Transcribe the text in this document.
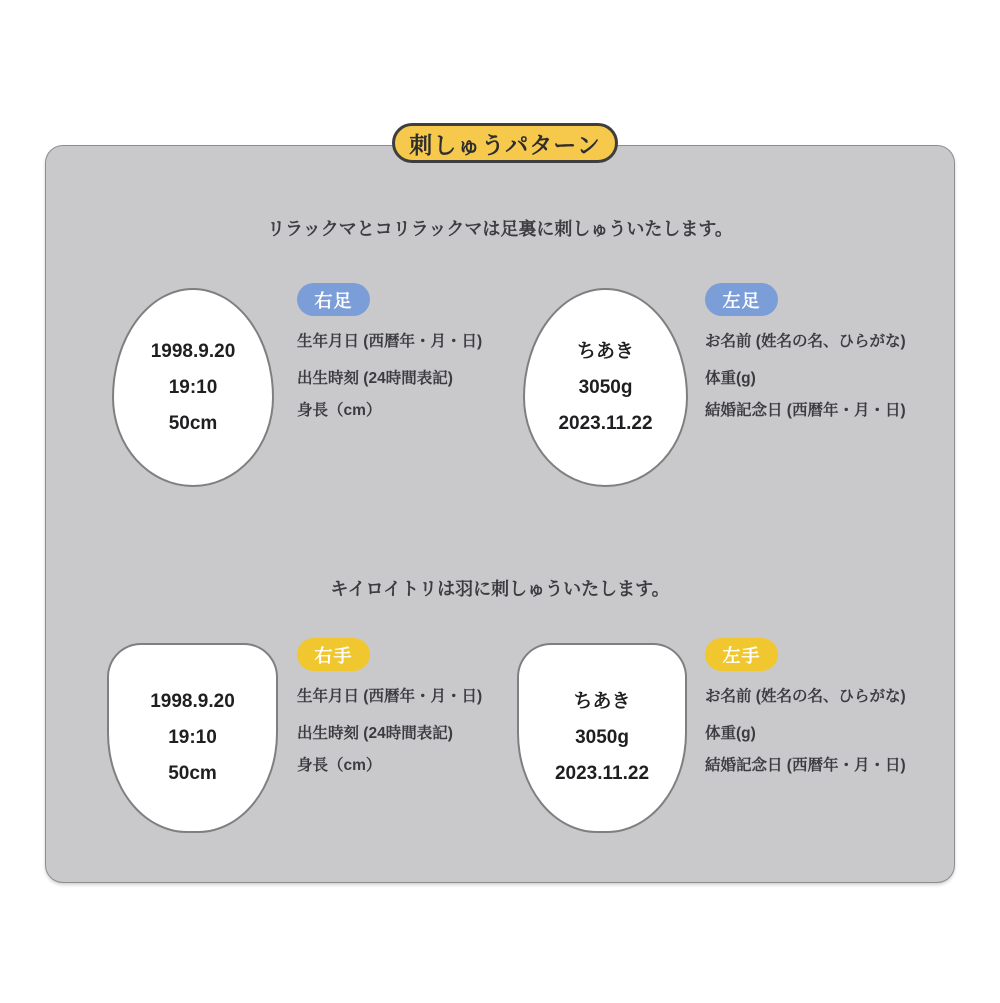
刺しゅうパターン
リラックマとコリラックマは足裏に刺しゅういたします。
1998.9.20
19:10
50cm
右足
生年月日 (西暦年・月・日)
出生時刻 (24時間表記)
身長（cm）
ちあき
3050g
2023.11.22
左足
お名前 (姓名の名、ひらがな)
体重(g)
結婚記念日 (西暦年・月・日)
キイロイトリは羽に刺しゅういたします。
1998.9.20
19:10
50cm
右手
生年月日 (西暦年・月・日)
出生時刻 (24時間表記)
身長（cm）
ちあき
3050g
2023.11.22
左手
お名前 (姓名の名、ひらがな)
体重(g)
結婚記念日 (西暦年・月・日)
